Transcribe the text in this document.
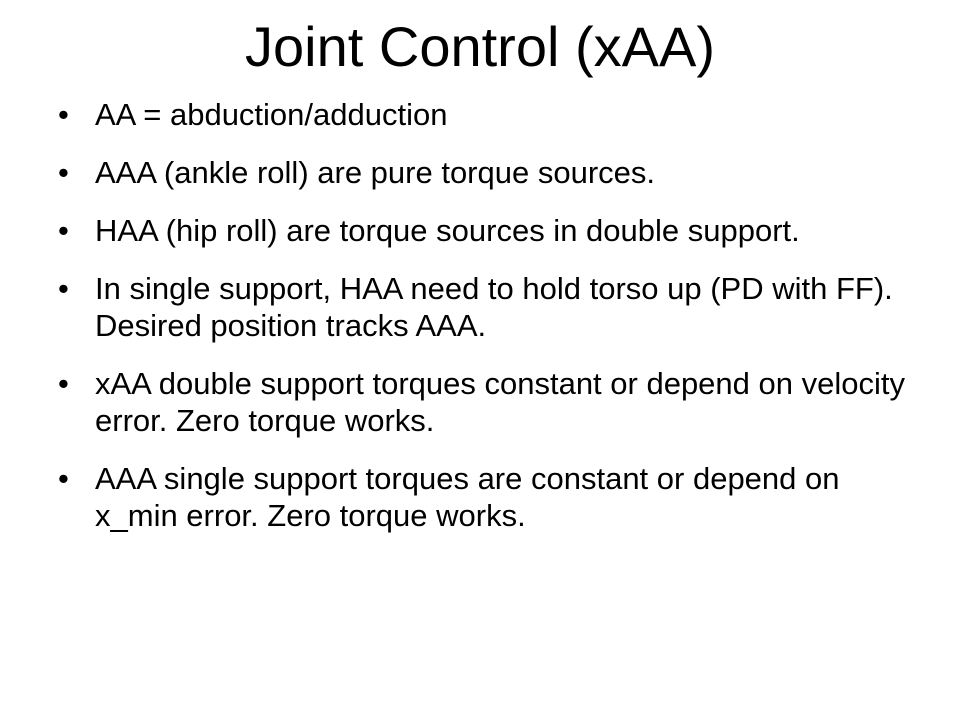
Joint Control (xAA)
• AA = abduction/adduction
• AAA (ankle roll) are pure torque sources.
• HAA (hip roll) are torque sources in double support.
• In single support, HAA need to hold torso up (PD with FF). Desired position tracks AAA.
• xAA double support torques constant or depend on velocity error. Zero torque works.
• AAA single support torques are constant or depend on x_min error. Zero torque works.
